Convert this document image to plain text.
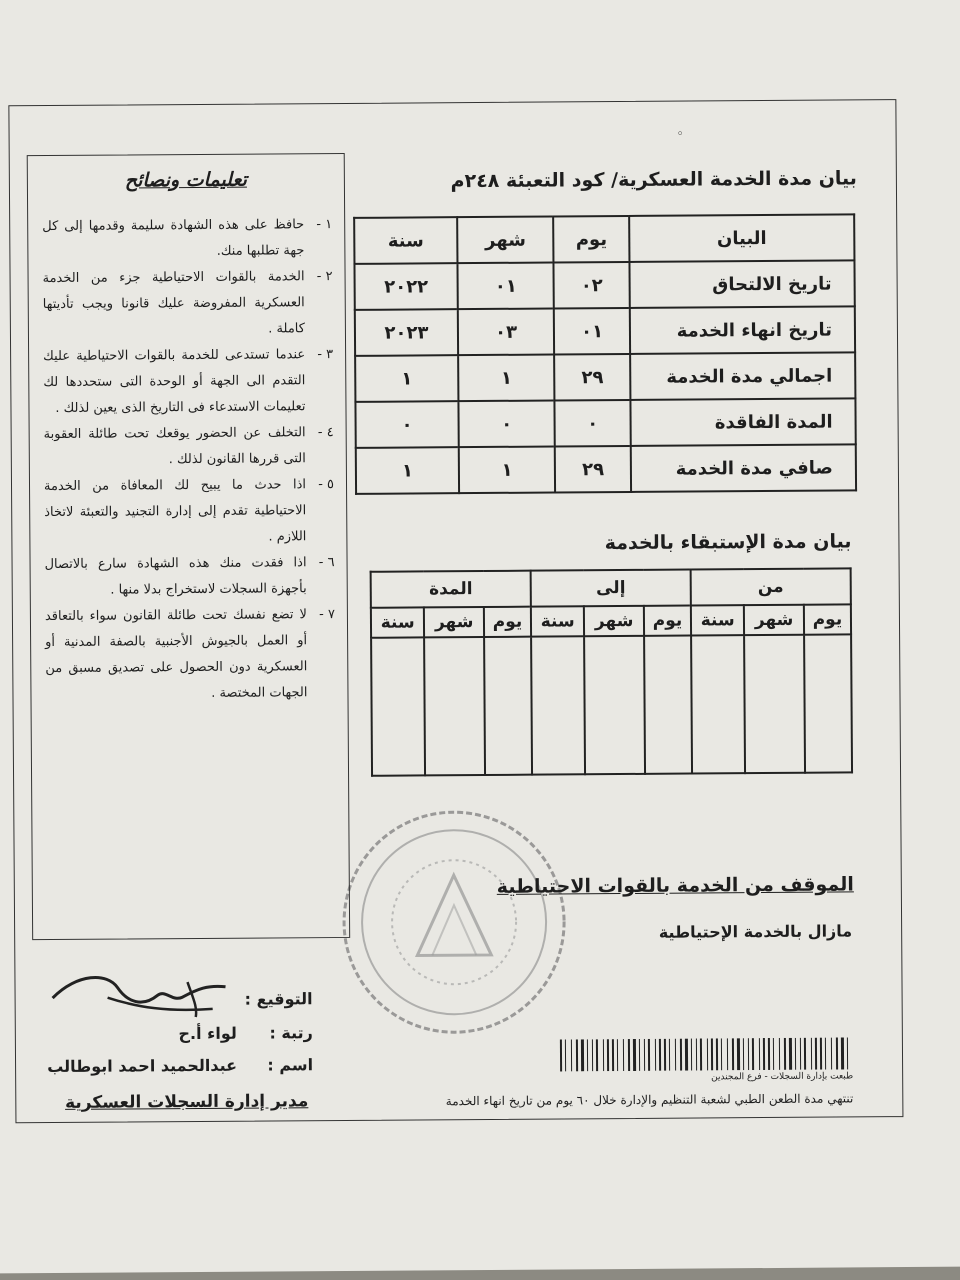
◦
بيان مدة الخدمة العسكرية/ كود التعبئة ٢٤٨م
البيان	يوم	شهر	سنة
تاريخ الالتحاق	٠٢	٠١	٢٠٢٢
تاريخ انهاء الخدمة	٠١	٠٣	٢٠٢٣
اجمالي مدة الخدمة	٢٩	١	١
المدة الفاقدة	٠	٠	٠
صافي مدة الخدمة	٢٩	١	١
بيان مدة الإستبقاء بالخدمة
من			إلى			المدة		
يوم	شهر	سنة	يوم	شهر	سنة	يوم	شهر	سنة

الموقف من الخدمة بالقوات الاحتياطية
مازال بالخدمة الإحتياطية
طبعت بإدارة السجلات - فرع المجندين
تنتهي مدة الطعن الطبي لشعبة التنظيم والإدارة خلال ٦٠ يوم من تاريخ انهاء الخدمة
تعليمات ونصائح
١ -
حافظ على هذه الشهادة سليمة وقدمها إلى كل جهة تطلبها منك.
٢ -
الخدمة بالقوات الاحتياطية جزء من الخدمة العسكرية المفروضة عليك قانونا ويجب تأديتها كاملة .
٣ -
عندما تستدعى للخدمة بالقوات الاحتياطية عليك التقدم الى الجهة أو الوحدة التى ستحددها لك تعليمات الاستدعاء فى التاريخ الذى يعين لذلك .
٤ -
التخلف عن الحضور يوقعك تحت طائلة العقوبة التى قررها القانون لذلك .
٥ -
اذا حدث ما يبيح لك المعافاة من الخدمة الاحتياطية تقدم إلى إدارة التجنيد والتعبئة لاتخاذ اللازم .
٦ -
اذا فقدت منك هذه الشهادة سارع بالاتصال بأجهزة السجلات لاستخراج بدلا منها .
٧ -
لا تضع نفسك تحت طائلة القانون سواء بالتعاقد أو العمل بالجيوش الأجنبية بالصفة المدنية أو العسكرية دون الحصول على تصديق مسبق من الجهات المختصة .
التوقيع :
رتبة :
لواء أ.ح
اسم :
عبدالحميد احمد ابوطالب
مدير إدارة السجلات العسكرية
